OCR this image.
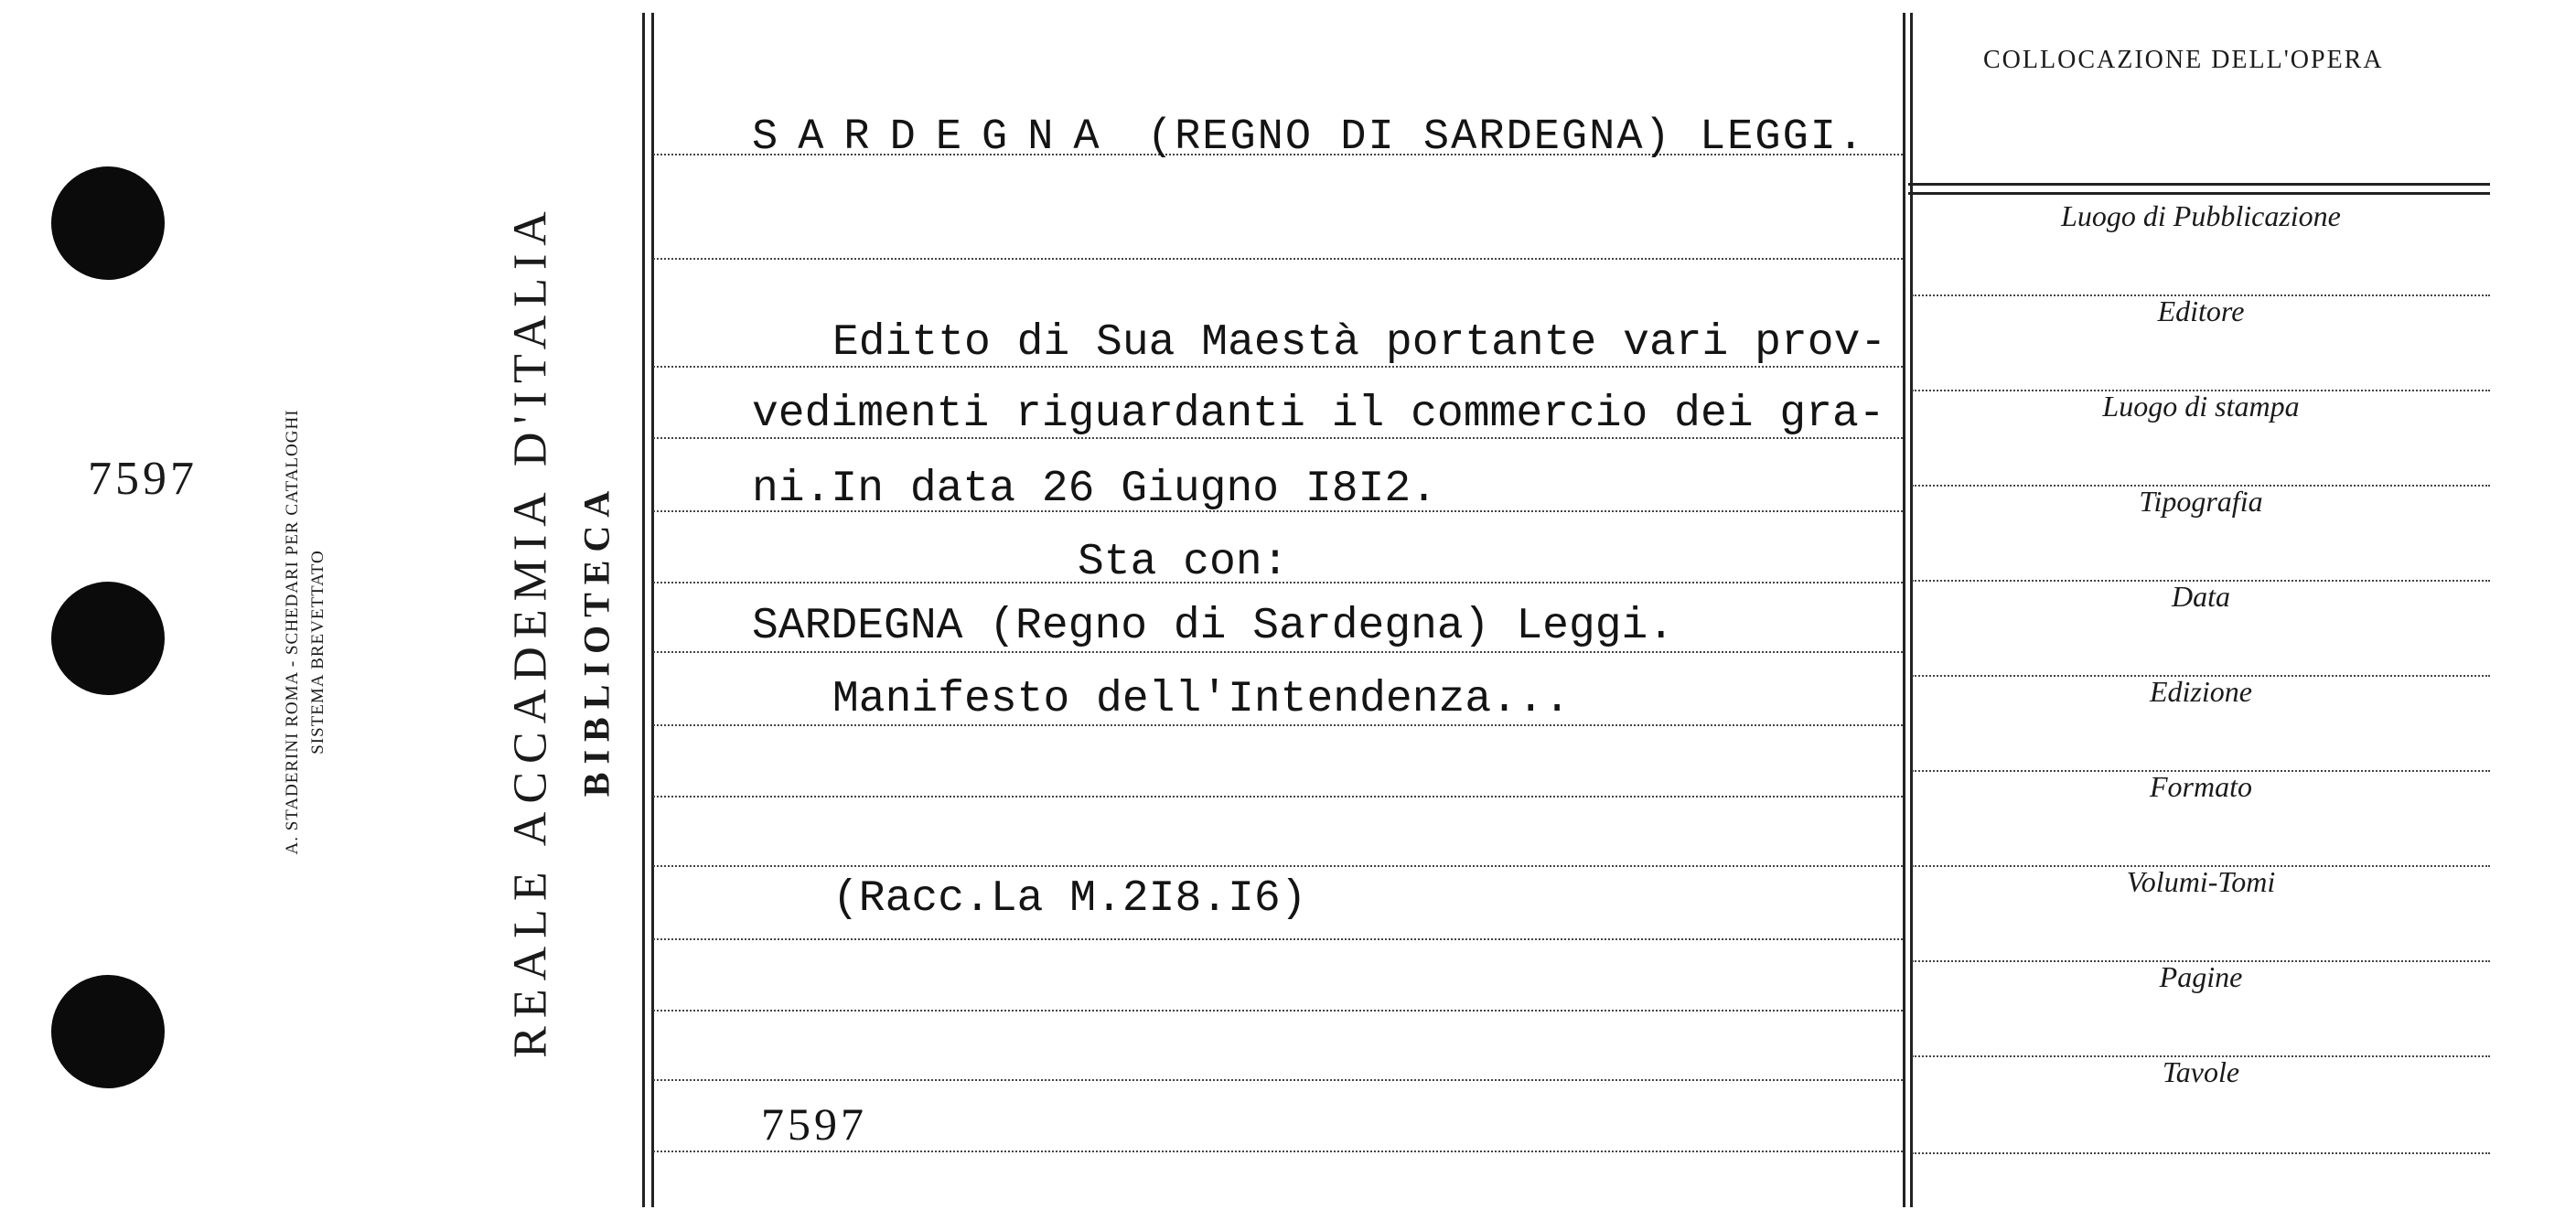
7597	A. STADERINI ROMA - SCHEDARI PER CATALOGHI SISTEMA BREVETTATO	REALE ACCADEMIA D'ITALIA BIBLIOTECA
COLLOCAZIONE DELL'OPERA
SARDEGNA (REGNO DI SARDEGNA) LEGGI.
Editto di Sua Maestà portante vari prov-
vedimenti riguardanti il commercio dei gra-
ni.In data 26 Giugno I8I2.
Sta con:
SARDEGNA (Regno di Sardegna) Leggi.
Manifesto dell'Intendenza...
(Racc.La M.2I8.I6)
7597
Luogo di Pubblicazione
Editore
Luogo di stampa
Tipografia
Data
Edizione
Formato
Volumi-Tomi
Pagine
Tavole
